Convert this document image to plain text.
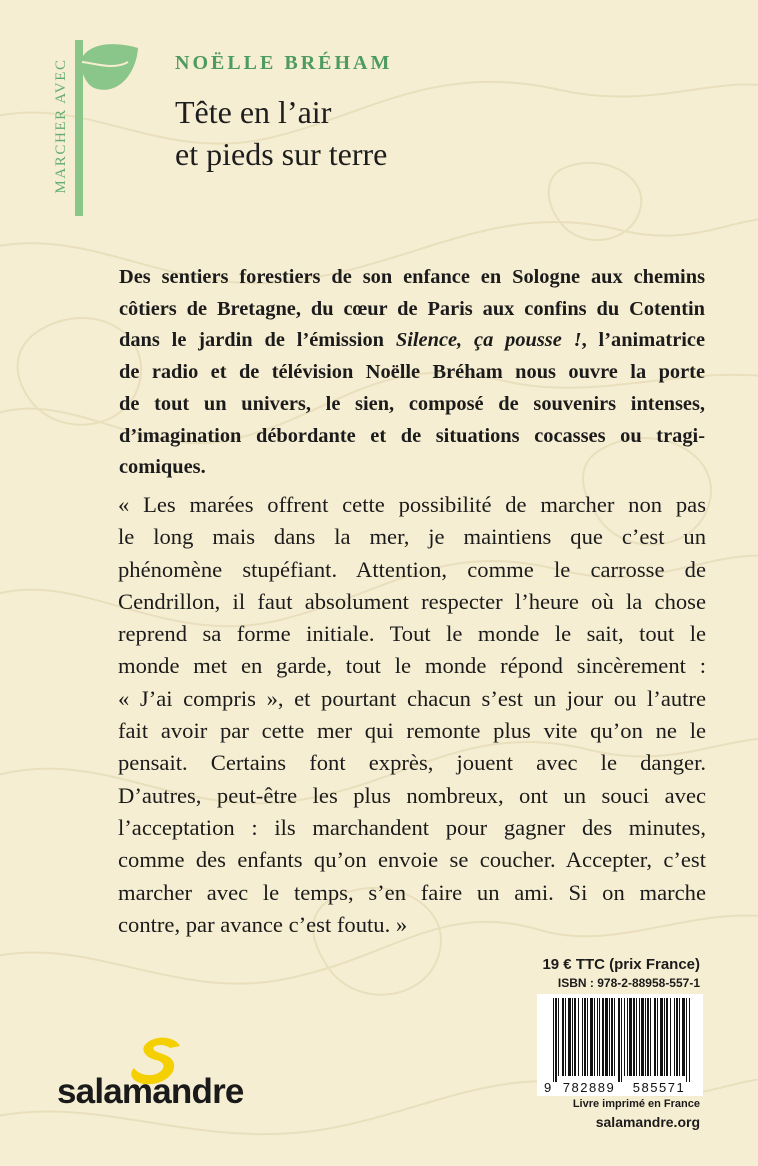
MARCHER AVEC	NOËLLE BRÉHAM
Tête en l’air
et pieds sur terre
Des sentiers forestiers de son enfance en Sologne aux chemins
côtiers de Bretagne, du cœur de Paris aux confins du Cotentin
dans le jardin de l’émission Silence, ça pousse !, l’animatrice
de radio et de télévision Noëlle Bréham nous ouvre la porte
de tout un univers, le sien, composé de souvenirs intenses,
d’imagination débordante et de situations cocasses ou tragi-
comiques.
« Les marées offrent cette possibilité de marcher non pas
le long mais dans la mer, je maintiens que c’est un
phénomène stupéfiant. Attention, comme le carrosse de
Cendrillon, il faut absolument respecter l’heure où la chose
reprend sa forme initiale. Tout le monde le sait, tout le
monde met en garde, tout le monde répond sincèrement :
« J’ai compris », et pourtant chacun s’est un jour ou l’autre
fait avoir par cette mer qui remonte plus vite qu’on ne le
pensait. Certains font exprès, jouent avec le danger.
D’autres, peut-être les plus nombreux, ont un souci avec
l’acceptation : ils marchandent pour gagner des minutes,
comme des enfants qu’on envoie se coucher. Accepter, c’est
marcher avec le temps, s’en faire un ami. Si on marche
contre, par avance c’est foutu. »
19 € TTC (prix France)
ISBN : 978-2-88958-557-1
9 782889 585571
Livre imprimé en France
salamandre.org
salamandre
